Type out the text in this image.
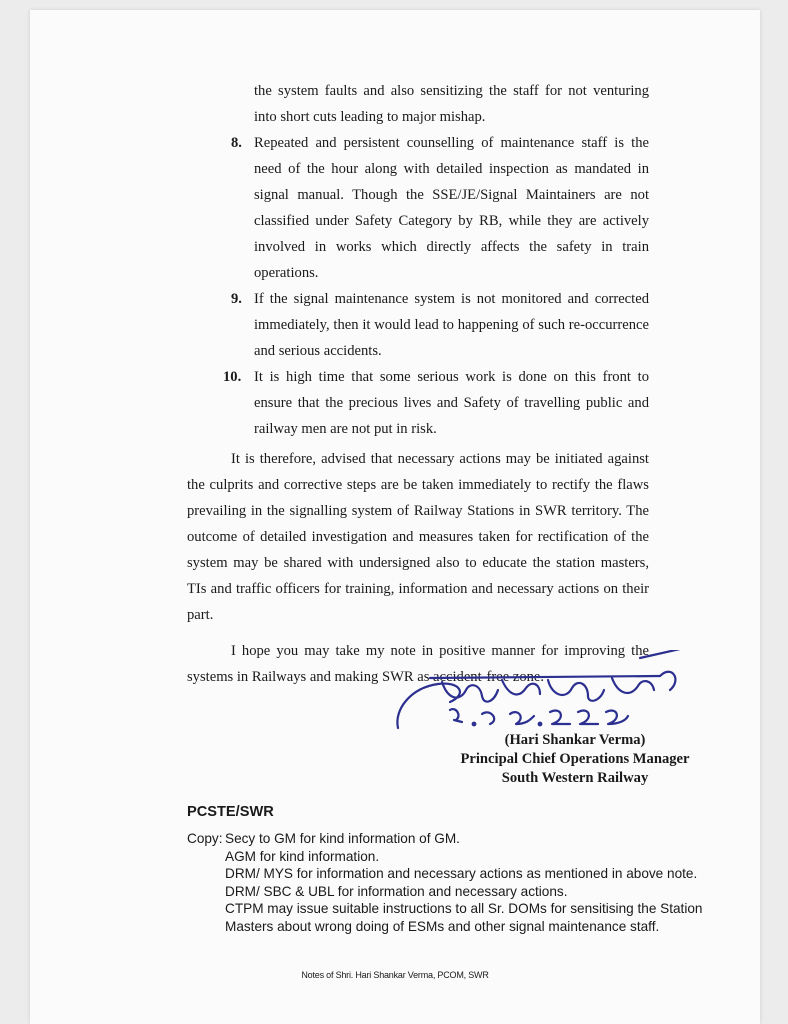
the system faults and also sensitizing the staff for not venturing into short cuts leading to major mishap.
8. Repeated and persistent counselling of maintenance staff is the need of the hour along with detailed inspection as mandated in signal manual. Though the SSE/JE/Signal Maintainers are not classified under Safety Category by RB, while they are actively involved in works which directly affects the safety in train operations.
9. If the signal maintenance system is not monitored and corrected immediately, then it would lead to happening of such re-occurrence and serious accidents.
10. It is high time that some serious work is done on this front to ensure that the precious lives and Safety of travelling public and railway men are not put in risk.
It is therefore, advised that necessary actions may be initiated against the culprits and corrective steps are be taken immediately to rectify the flaws prevailing in the signalling system of Railway Stations in SWR territory. The outcome of detailed investigation and measures taken for rectification of the system may be shared with undersigned also to educate the station masters, TIs and traffic officers for training, information and necessary actions on their part.
I hope you may take my note in positive manner for improving the systems in Railways and making SWR as accident-free zone.
(Hari Shankar Verma)
Principal Chief Operations Manager
South Western Railway
PCSTE/SWR
Copy: Secy to GM for kind information of GM.
AGM for kind information.
DRM/ MYS for information and necessary actions as mentioned in above note.
DRM/ SBC & UBL for information and necessary actions.
CTPM may issue suitable instructions to all Sr. DOMs for sensitising the Station
Masters about wrong doing of ESMs and other signal maintenance staff.
Notes of Shri. Hari Shankar Verma, PCOM, SWR
